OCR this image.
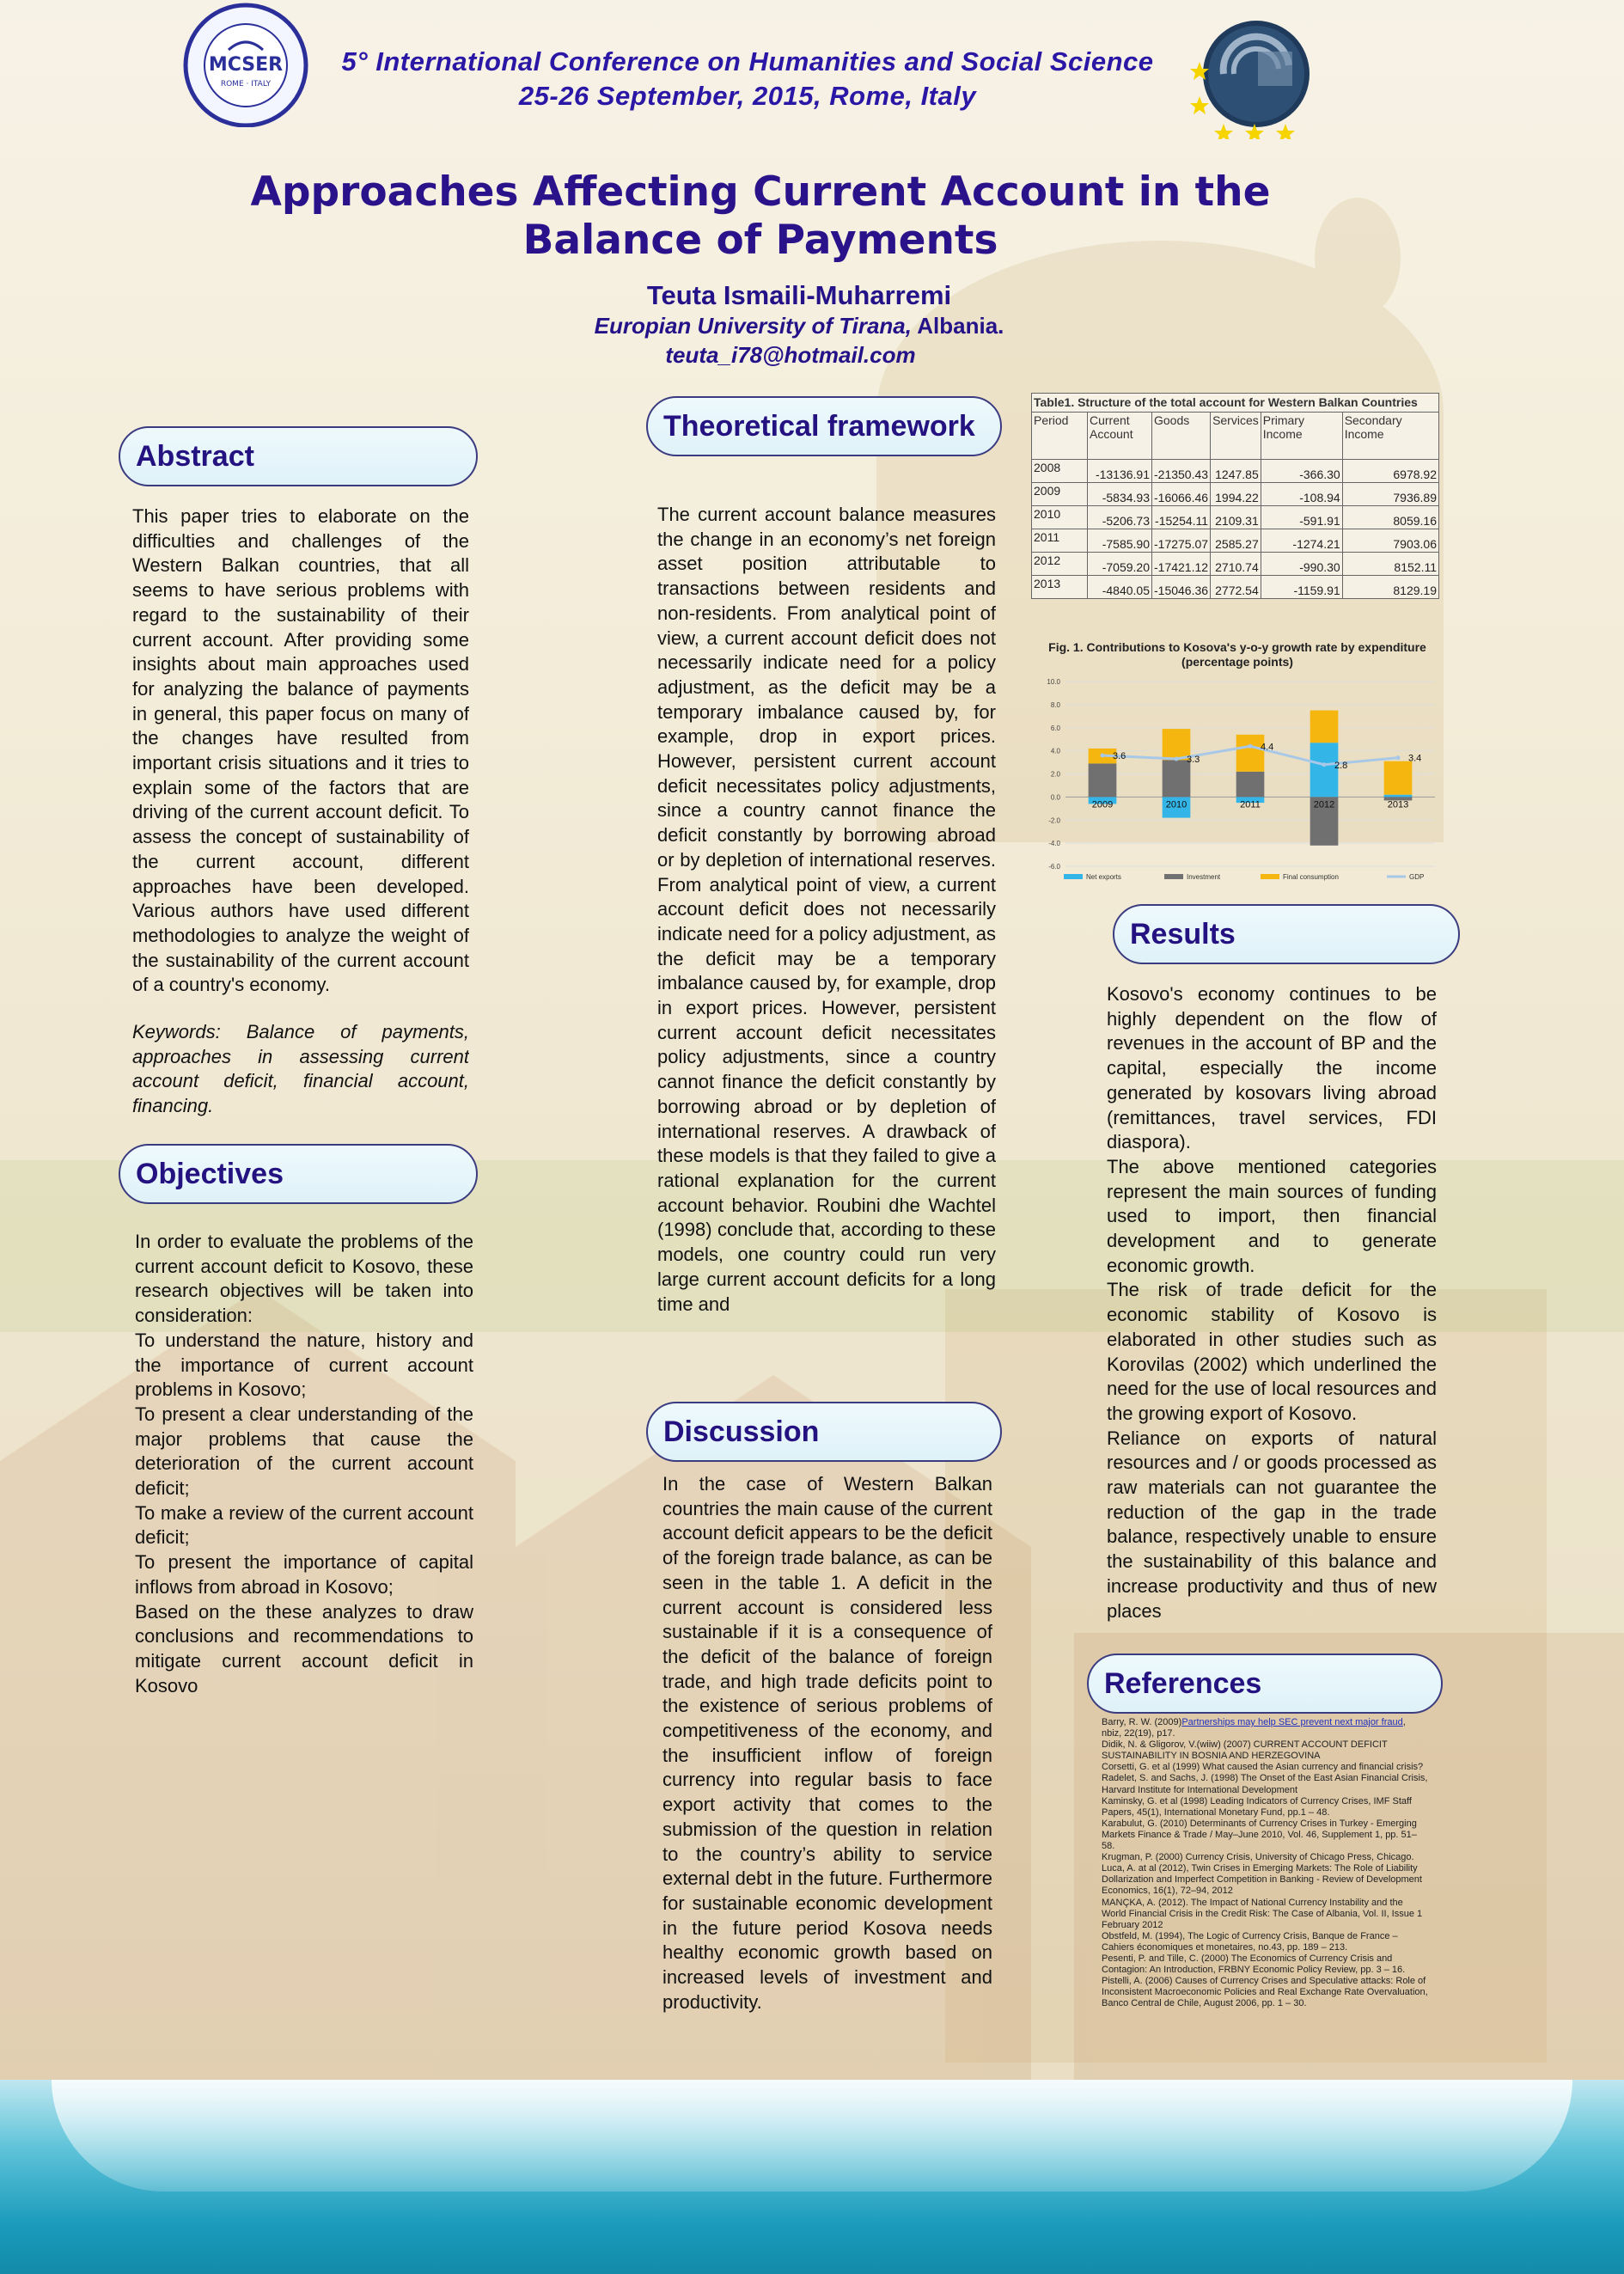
MCSER
ROME · ITALY
5° International Conference on Humanities and Social Science
25-26 September, 2015, Rome, Italy
Approaches Affecting Current Account in the
Balance of Payments
Teuta Ismaili-Muharremi
Europian University of Tirana, Albania.
teuta_i78@hotmail.com
Abstract

This paper tries to elaborate on the difficulties and challenges of the Western Balkan countries, that all seems to have serious problems with regard to the sustainability of their current account. After providing some insights about main approaches used for analyzing the balance of payments in general, this paper focus on many of the changes have resulted from important crisis situations and it tries to explain some of the factors that are driving of the current account deficit. To assess the concept of sustainability of the current account, different approaches have been developed. Various authors have used different methodologies to analyze the weight of the sustainability of the current account of a country's economy.

Keywords: Balance of payments, approaches in assessing current account deficit, financial account, financing.

Objectives

In order to evaluate the problems of the current account deficit to Kosovo, these research objectives will be taken into consideration:

To understand the nature, history and the importance of current account problems in Kosovo;

To present a clear understanding of the major problems that cause the deterioration of the current account deficit;

To make a review of the current account deficit;

To present the importance of capital inflows from abroad in Kosovo;

Based on the these analyzes to draw conclusions and recommendations to mitigate current account deficit in Kosovo

Theoretical framework
The current account balance measures the change in an economy’s net foreign asset position attributable to transactions between residents and non-residents. From analytical point of view, a current account deficit does not necessarily indicate need for a policy adjustment, as the deficit may be a temporary imbalance caused by, for example, drop in export prices. However, persistent current account deficit necessitates policy adjustments, since a country cannot finance the deficit constantly by borrowing abroad or by depletion of international reserves. From analytical point of view, a current account deficit does not necessarily indicate need for a policy adjustment, as the deficit may be a temporary imbalance caused by, for example, drop in export prices. However, persistent current account deficit necessitates policy adjustments, since a country cannot finance the deficit constantly by borrowing abroad or by depletion of international reserves. A drawback of these models is that they failed to give a rational explanation for the current account behavior. Roubini dhe Wachtel (1998) conclude that, according to these models, one country could run very large current account deficits for a long time and
Discussion
In the case of Western Balkan countries the main cause of the current account deficit appears to be the deficit of the foreign trade balance, as can be seen in the table 1. A deficit in the current account is considered less sustainable if it is a consequence of the deficit of the balance of foreign trade, and high trade deficits point to the existence of serious problems of competitiveness of the economy, and the insufficient inflow of foreign currency into regular basis to face export activity that comes to the submission of the question in relation to the country’s ability to service external debt in the future. Furthermore for sustainable economic development in the future period Kosova needs healthy economic growth based on increased levels of investment and productivity.
Table1. Structure of the total account for Western Balkan Countries
Period	Current Account	Goods	Services	Primary Income	Secondary Income
2008	-13136.91	-21350.43	1247.85	-366.30	6978.92
2009	-5834.93	-16066.46	1994.22	-108.94	7936.89
2010	-5206.73	-15254.11	2109.31	-591.91	8059.16
2011	-7585.90	-17275.07	2585.27	-1274.21	7903.06
2012	-7059.20	-17421.12	2710.74	-990.30	8152.11
2013	-4840.05	-15046.36	2772.54	-1159.91	8129.19
Fig. 1. Contributions to Kosova's y-o-y growth rate by expenditure (percentage points)
10.0
8.0
6.0
4.0
2.0
0.0
-2.0
-4.0
-6.0
2009	2010	2011	2012	2013
3.6	3.3
4.4
2.8
3.4
Net exports	Investment	Final consumption	GDP
Results

Kosovo's economy continues to be highly dependent on the flow of revenues in the account of BP and the capital, especially the income generated by kosovars living abroad (remittances, travel services, FDI diaspora).

The above mentioned categories represent the main sources of funding used to import, then financial development and to generate economic growth.

The risk of trade deficit for the economic stability of Kosovo is elaborated in other studies such as Korovilas (2002) which underlined the need for the use of local resources and the growing export of Kosovo.

Reliance on exports of natural resources and / or goods processed as raw materials can not guarantee the reduction of the gap in the trade balance, respectively unable to ensure the sustainability of this balance and increase productivity and thus of new places

References

Barry, R. W. (2009)Partnerships may help SEC prevent next major fraud, nbiz, 22(19), p17.

Didik, N. & Gligorov, V.(wiiw) (2007) CURRENT ACCOUNT DEFICIT SUSTAINABILITY IN BOSNIA AND HERZEGOVINA

Corsetti, G. et al (1999) What caused the Asian currency and financial crisis?

Radelet, S. and Sachs, J. (1998) The Onset of the East Asian Financial Crisis, Harvard Institute for International Development

Kaminsky, G. et al (1998) Leading Indicators of Currency Crises, IMF Staff Papers, 45(1), International Monetary Fund, pp.1 – 48.

Karabulut, G. (2010) Determinants of Currency Crises in Turkey - Emerging Markets Finance & Trade / May–June 2010, Vol. 46, Supplement 1, pp. 51–58.

Krugman, P. (2000) Currency Crisis, University of Chicago Press, Chicago.

Luca, A. at al (2012), Twin Crises in Emerging Markets: The Role of Liability Dollarization and Imperfect Competition in Banking - Review of Development Economics, 16(1), 72–94, 2012

MANÇKA, A. (2012). The Impact of National Currency Instability and the World Financial Crisis in the Credit Risk: The Case of Albania, Vol. II, Issue 1 February 2012

Obstfeld, M. (1994), The Logic of Currency Crisis, Banque de France – Cahiers économiques et monetaires, no.43, pp. 189 – 213.

Pesenti, P. and Tille, C. (2000) The Economics of Currency Crisis and Contagion: An Introduction, FRBNY Economic Policy Review, pp. 3 – 16.

Pistelli, A. (2006) Causes of Currency Crises and Speculative attacks: Role of Inconsistent Macroeconomic Policies and Real Exchange Rate Overvaluation, Banco Central de Chile, August 2006, pp. 1 – 30.
